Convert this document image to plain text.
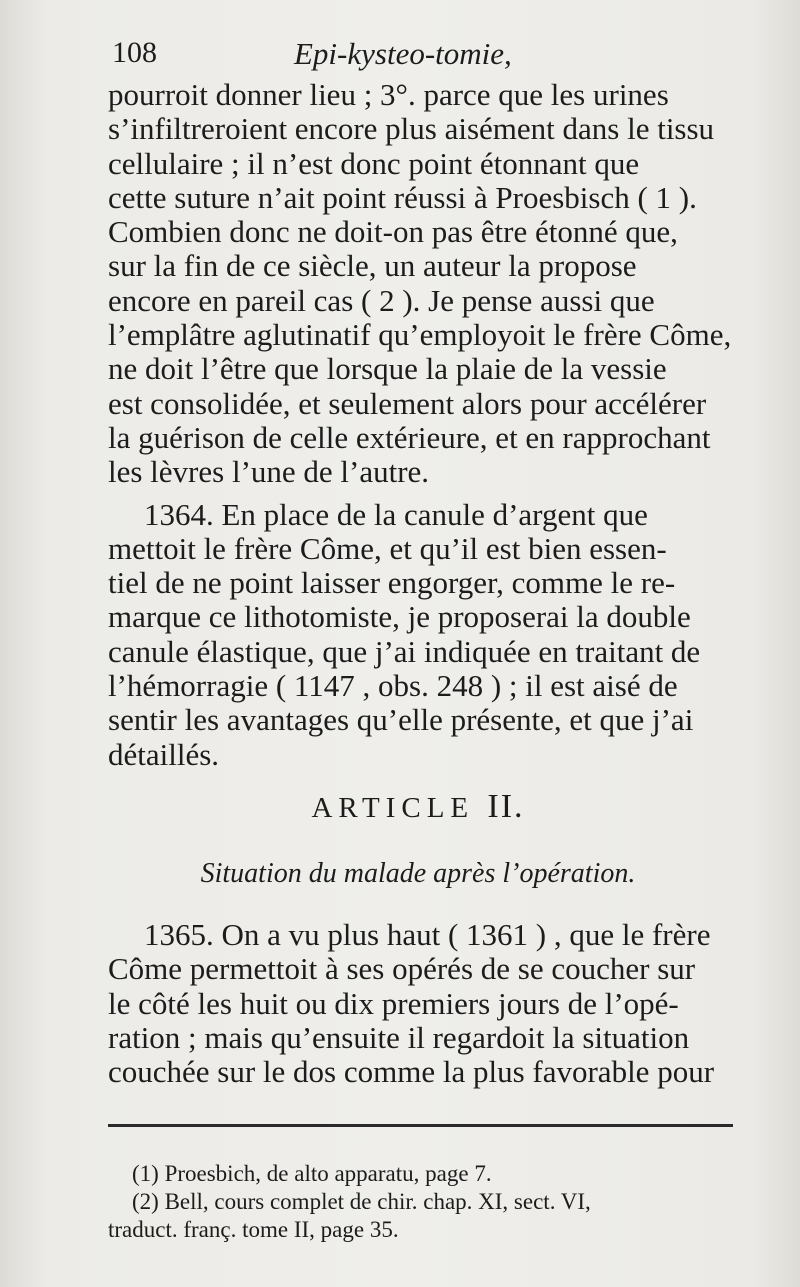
108	Epi-kysteo-tomie,
pourroit donner lieu ; 3°. parce que les urines
s’infiltreroient encore plus aisément dans le tissu
cellulaire ; il n’est donc point étonnant que
cette suture n’ait point réussi à Proesbisch ( 1 ).
Combien donc ne doit-on pas être étonné que,
sur la fin de ce siècle, un auteur la propose
encore en pareil cas ( 2 ). Je pense aussi que
l’emplâtre aglutinatif qu’employoit le frère Côme,
ne doit l’être que lorsque la plaie de la vessie
est consolidée, et seulement alors pour accélérer
la guérison de celle extérieure, et en rapprochant
les lèvres l’une de l’autre.
1364. En place de la canule d’argent que
mettoit le frère Côme, et qu’il est bien essen-
tiel de ne point laisser engorger, comme le re-
marque ce lithotomiste, je proposerai la double
canule élastique, que j’ai indiquée en traitant de
l’hémorragie ( 1147 , obs. 248 ) ; il est aisé de
sentir les avantages qu’elle présente, et que j’ai
détaillés.
ARTICLE II.
Situation du malade après l’opération.
1365. On a vu plus haut ( 1361 ) , que le frère
Côme permettoit à ses opérés de se coucher sur
le côté les huit ou dix premiers jours de l’opé-
ration ; mais qu’ensuite il regardoit la situation
couchée sur le dos comme la plus favorable pour
(1) Proesbich, de alto apparatu, page 7.
(2) Bell, cours complet de chir. chap. XI, sect. VI,
traduct. franç. tome II, page 35.
